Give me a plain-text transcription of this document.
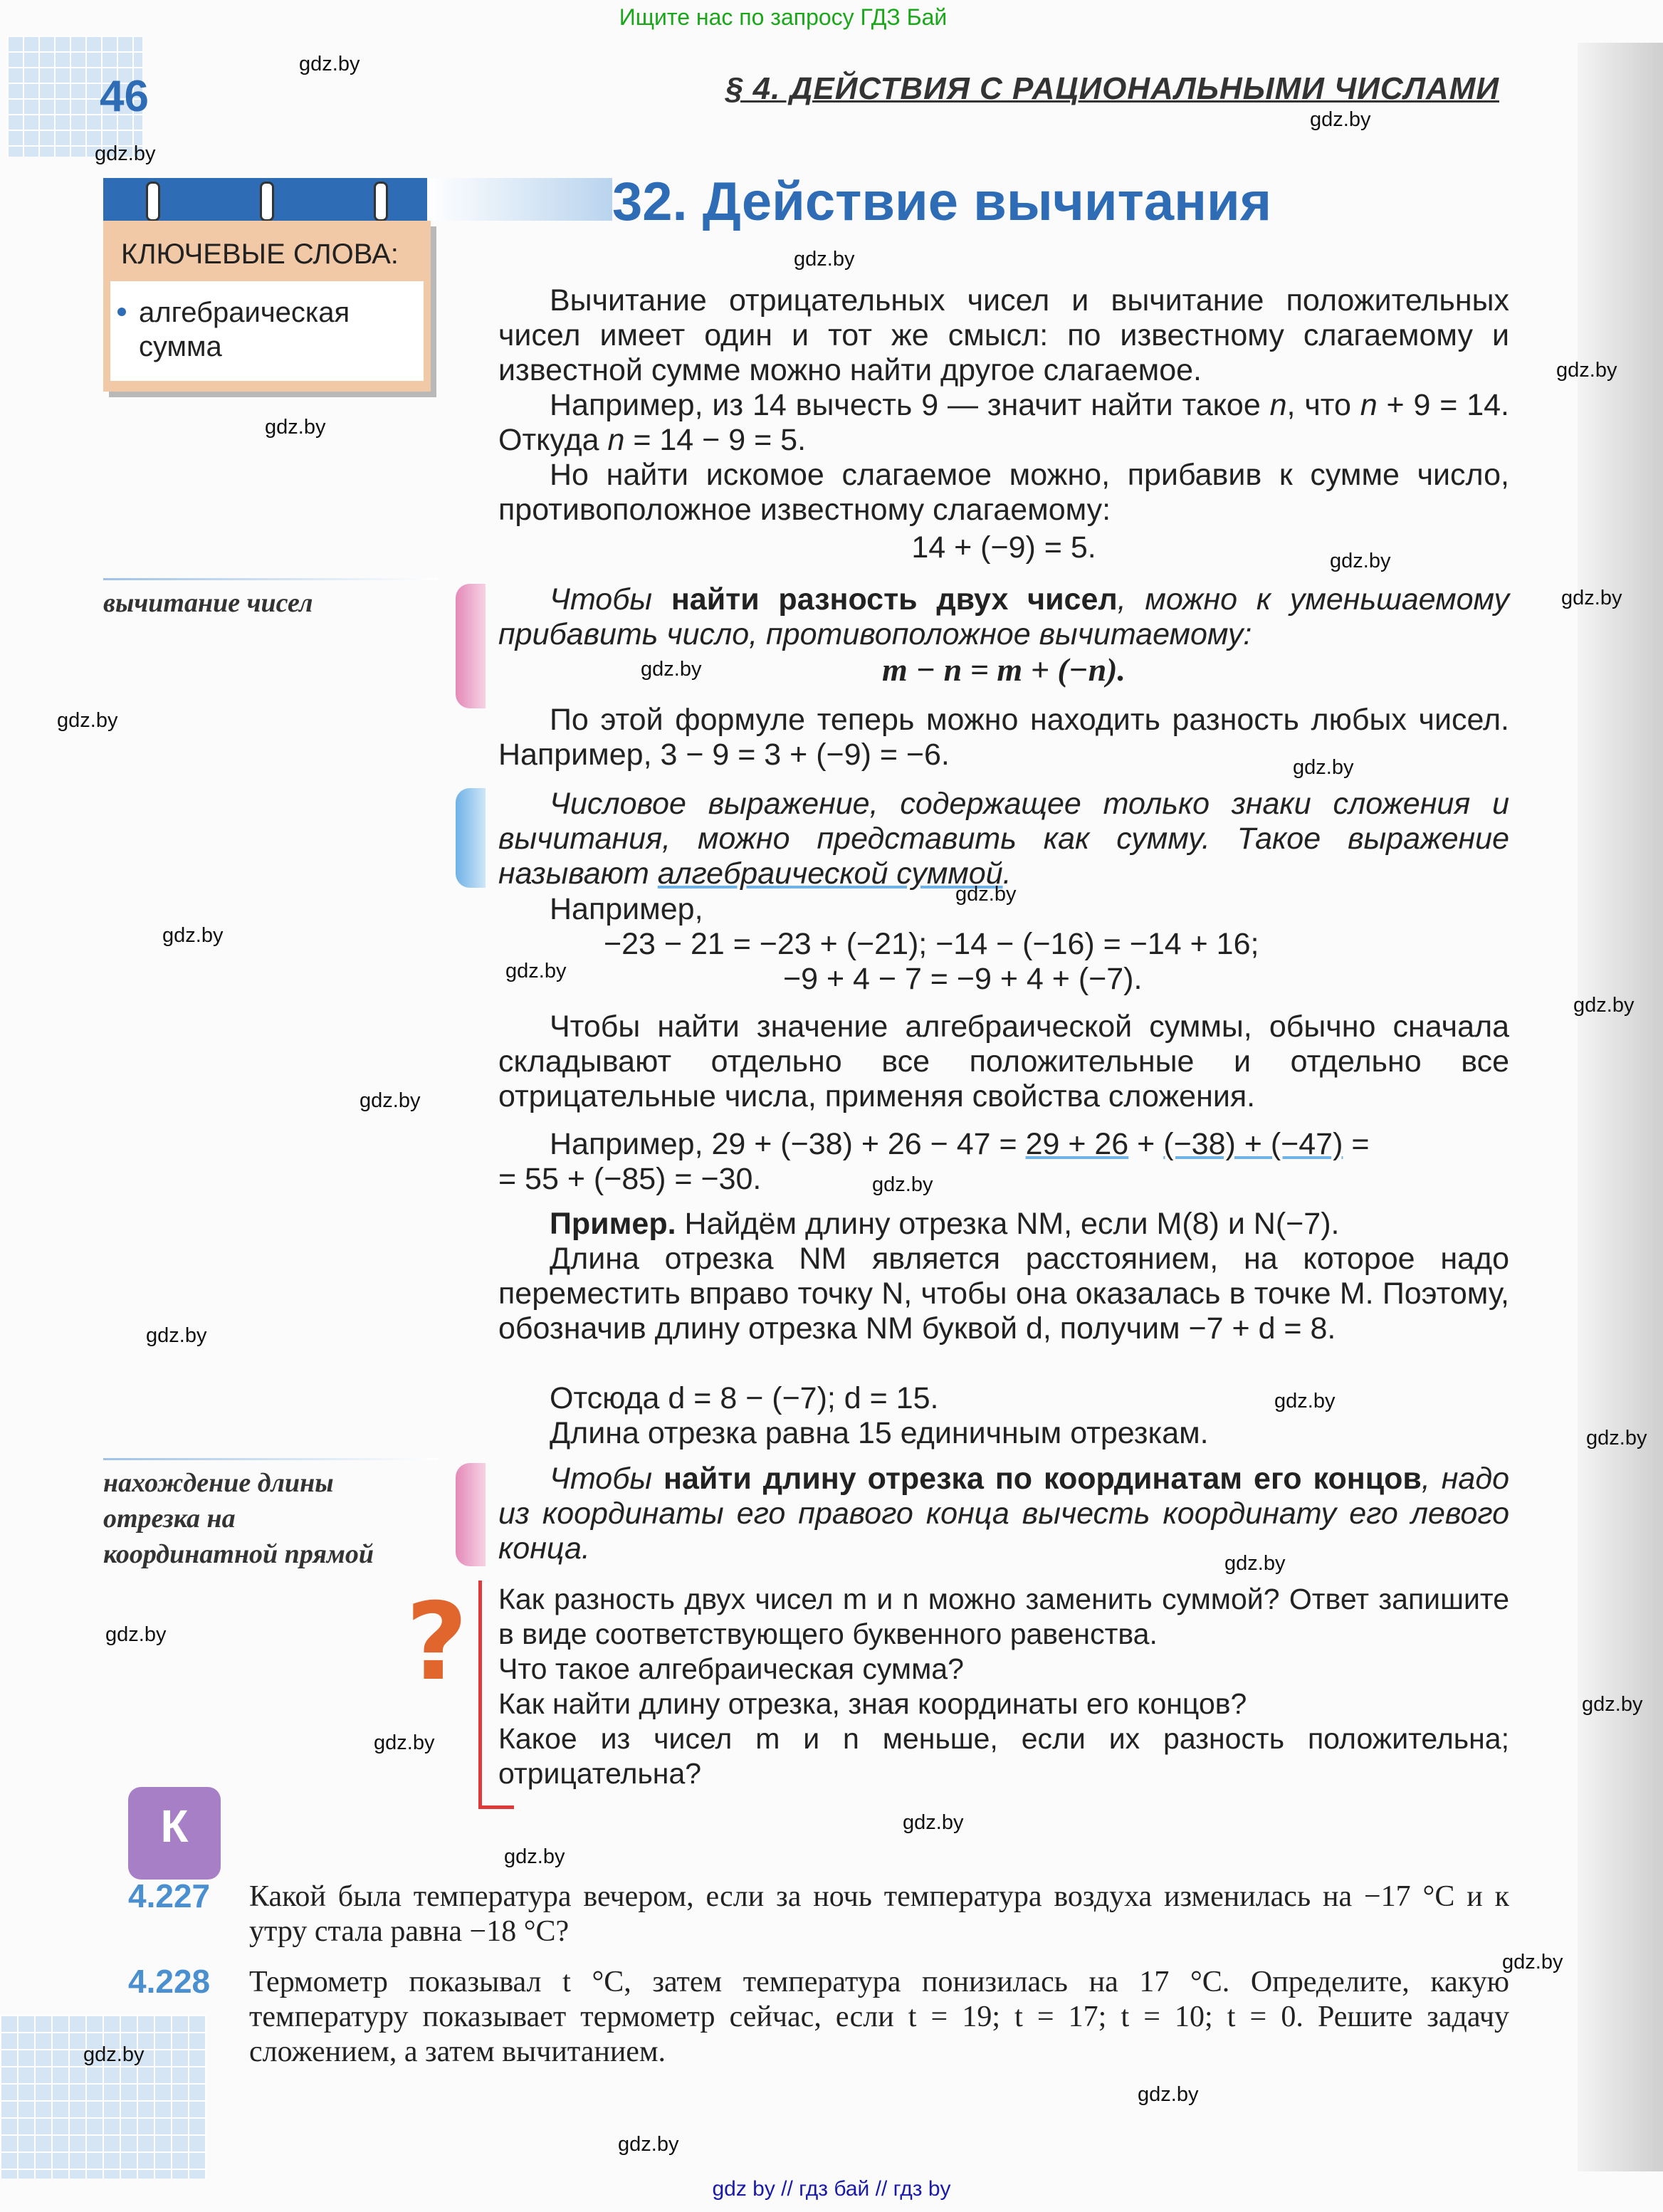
Ищите нас по запросу ГДЗ Бай
46	§ 4. ДЕЙСТВИЯ С РАЦИОНАЛЬНЫМИ ЧИСЛАМИ
КЛЮЧЕВЫЕ СЛОВА:
алгебраическая сумма
32. Действие вычитания
вычитание чисел
нахождение длины отрезка на координатной прямой
Вычитание отрицательных чисел и вычитание положительных чисел имеет один и тот же смысл: по известному слагаемому и известной сумме можно найти другое слагаемое.
Например, из 14 вычесть 9 — значит найти такое n, что n + 9 = 14. Откуда n = 14 − 9 = 5.
Но найти искомое слагаемое можно, прибавив к сумме число, противоположное известному слагаемому:
14 + (−9) = 5.
Чтобы найти разность двух чисел, можно к уменьшаемому прибавить число, противоположное вычитаемому:
m − n = m + (−n).
По этой формуле теперь можно находить разность любых чисел. Например, 3 − 9 = 3 + (−9) = −6.
Числовое выражение, содержащее только знаки сложения и вычитания, можно представить как сумму. Такое выражение называют алгебраической суммой.
Например,
−23 − 21 = −23 + (−21); −14 − (−16) = −14 + 16;
−9 + 4 − 7 = −9 + 4 + (−7).
Чтобы найти значение алгебраической суммы, обычно сначала складывают отдельно все положительные и отдельно все отрицательные числа, применяя свойства сложения.
Например, 29 + (−38) + 26 − 47 = 29 + 26 + (−38) + (−47) =
= 55 + (−85) = −30.
Пример. Найдём длину отрезка NM, если M(8) и N(−7).
Длина отрезка NM является расстоянием, на которое надо переместить вправо точку N, чтобы она оказалась в точке M. Поэтому, обозначив длину отрезка NM буквой d, получим −7 + d = 8.
Отсюда d = 8 − (−7); d = 15.
Длина отрезка равна 15 единичным отрезкам.
Чтобы найти длину отрезка по координатам его концов, надо из координаты его правого конца вычесть координату его левого конца.
? Как разность двух чисел m и n можно заменить суммой? Ответ запишите в виде соответствующего буквенного равенства.
Что такое алгебраическая сумма?
Как найти длину отрезка, зная координаты его концов?
Какое из чисел m и n меньше, если их разность положительна; отрицательна?
К
4.227 Какой была температура вечером, если за ночь температура воздуха изменилась на −17 °С и к утру стала равна −18 °С?
4.228 Термометр показывал t °С, затем температура понизилась на 17 °С. Определите, какую температуру показывает термометр сейчас, если t = 19; t = 17; t = 10; t = 0. Решите задачу сложением, а затем вычитанием.
gdz.by
gdz.by
gdz.by
gdz.by
gdz.by
gdz.by
gdz.by
gdz.by
gdz.by
gdz.by
gdz.by
gdz.by
gdz.by
gdz.by
gdz.by
gdz.by
gdz.by
gdz.by
gdz.by
gdz.by
gdz.by
gdz.by
gdz.by
gdz.by
gdz.by
gdz.by
gdz.by
gdz.by
gdz.by
gdz.by
gdz by // гдз бай // гдз by
